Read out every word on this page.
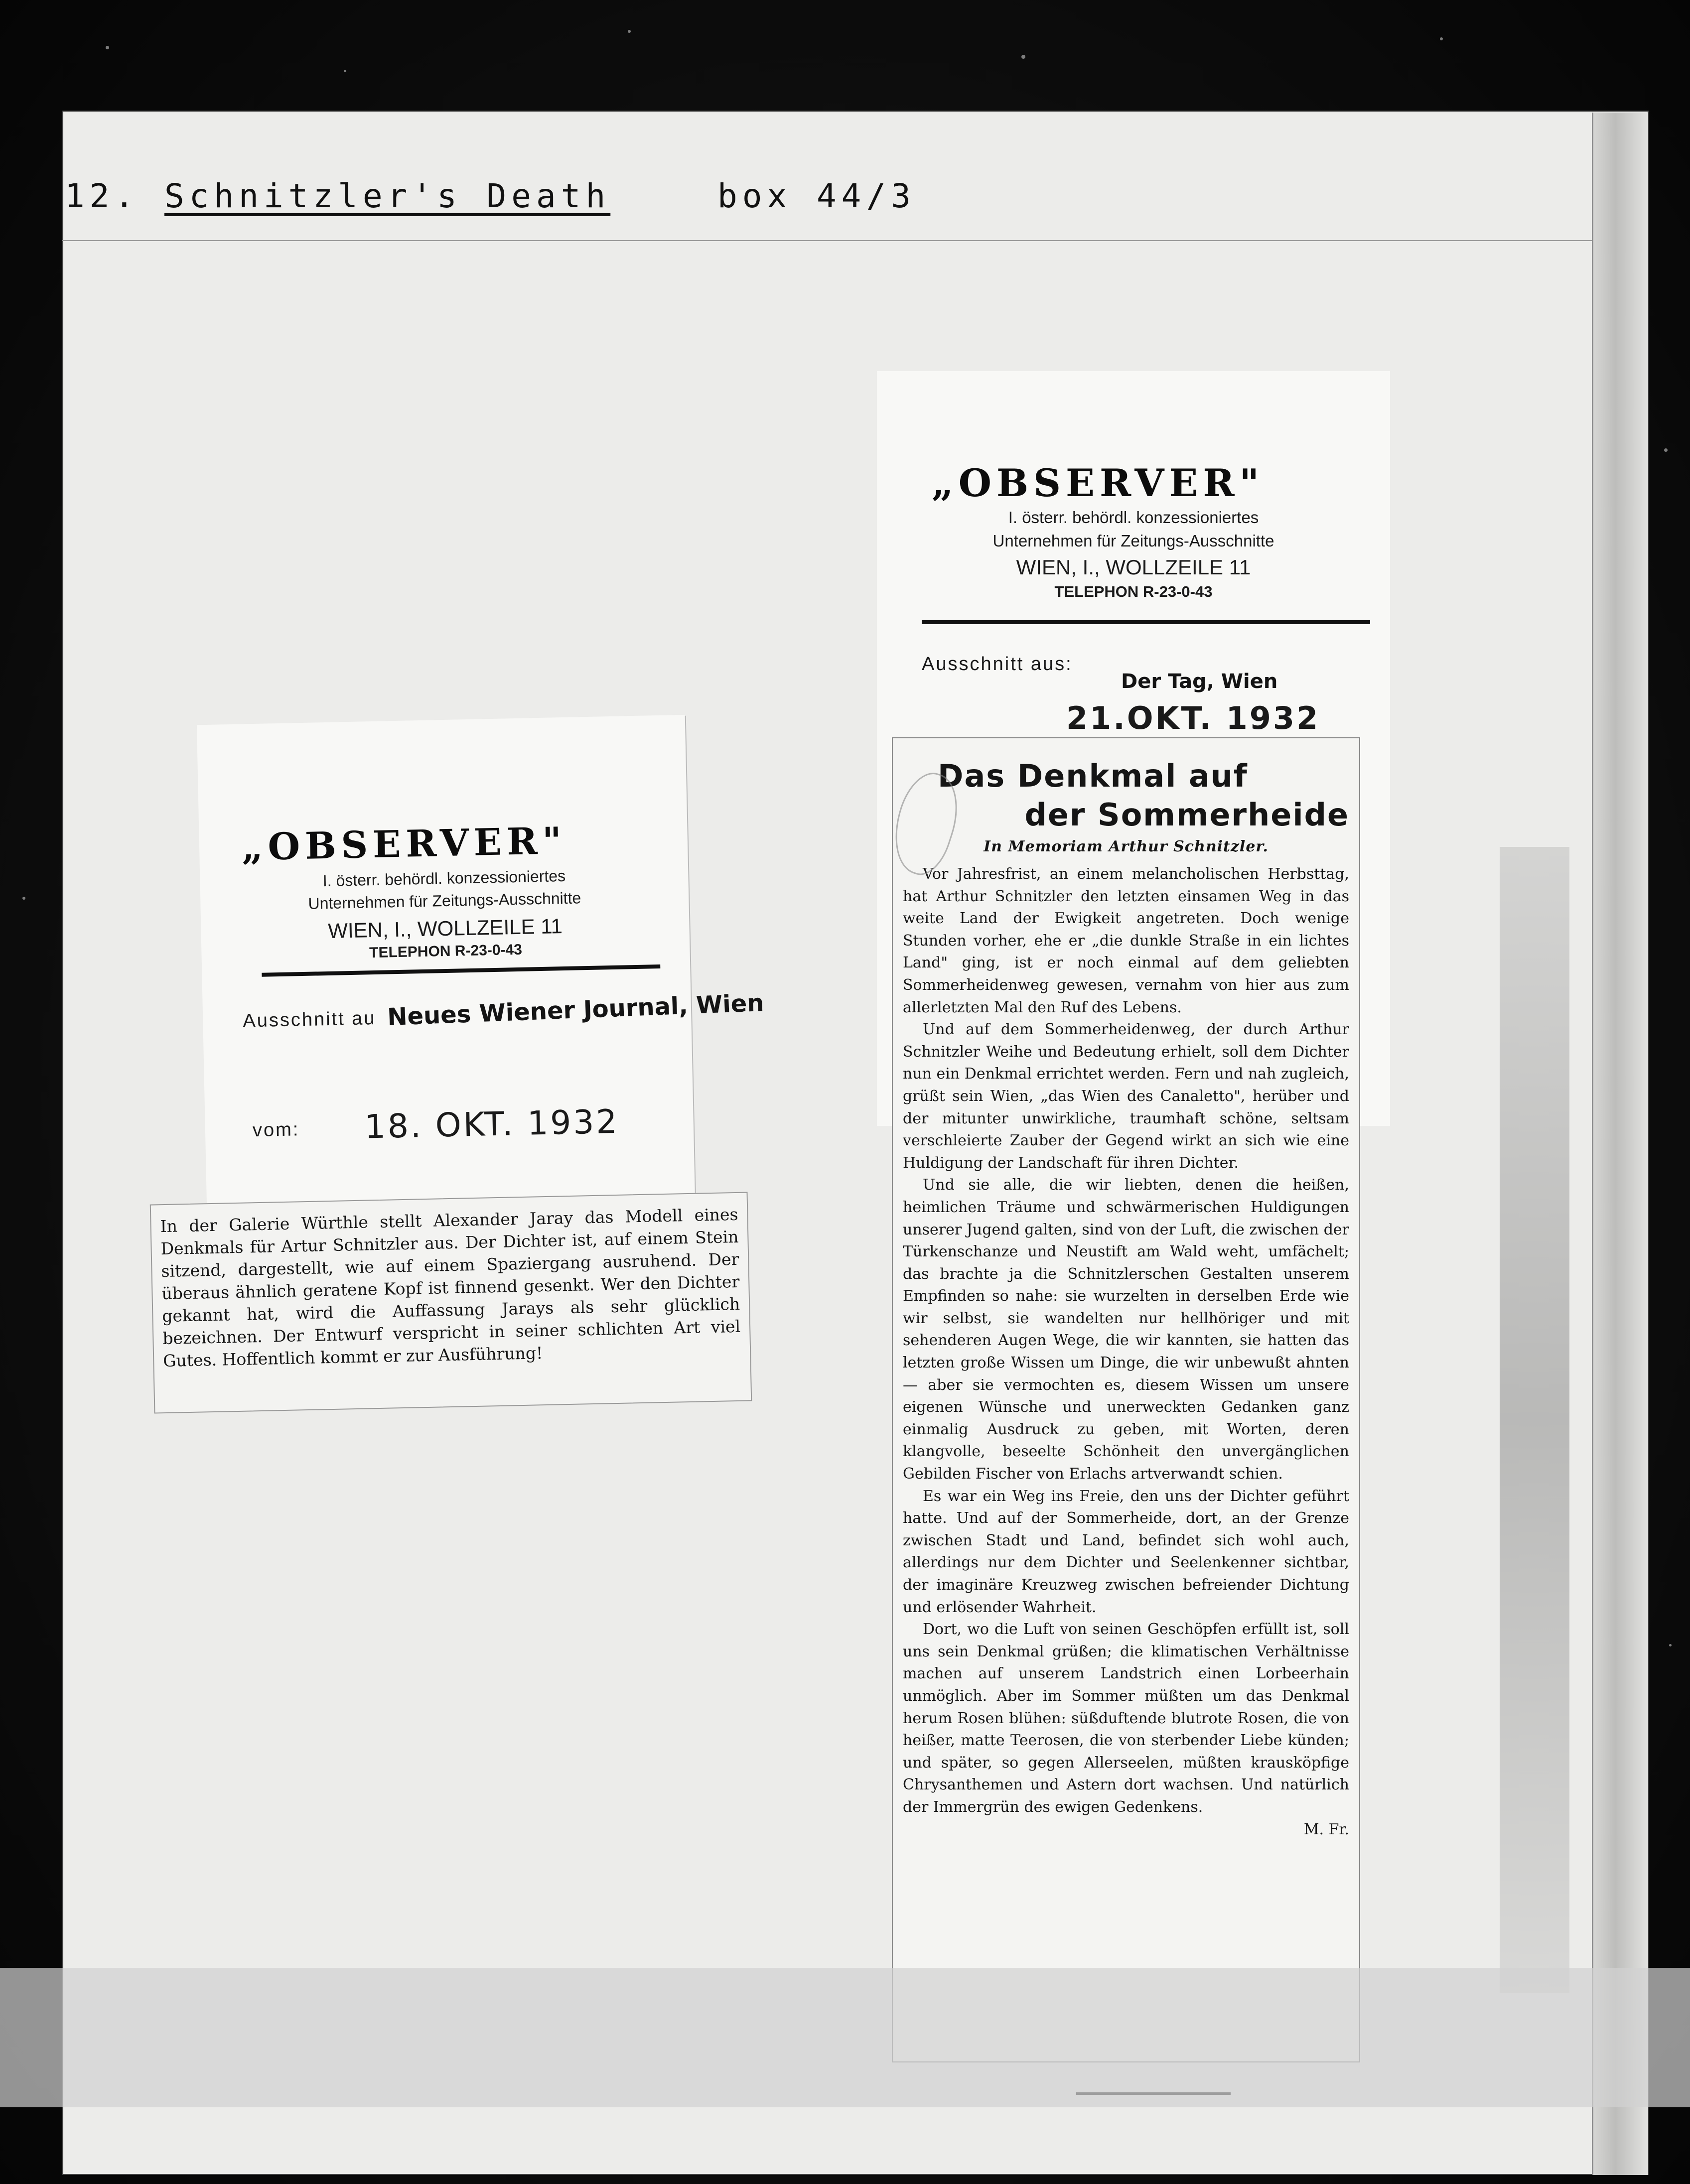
12. Schnitzler's Death	box 44/3
„OBSERVER"
I. österr. behördl. konzessioniertes
Unternehmen für Zeitungs-Ausschnitte
WIEN, I., WOLLZEILE 11
TELEPHON R-23-0-43
Ausschnitt au Neues Wiener Journal, Wien
vom: 18. OKT. 1932
In der Galerie Würthle stellt Alexander Jaray das Modell eines Denkmals für Artur Schnitzler aus. Der Dichter ist, auf einem Stein sitzend, dargestellt, wie auf einem Spaziergang ausruhend. Der überaus ähnlich geratene Kopf ist finnend gesenkt. Wer den Dichter gekannt hat, wird die Auffassung Jarays als sehr glücklich bezeichnen. Der Entwurf verspricht in seiner schlichten Art viel Gutes. Hoffentlich kommt er zur Ausführung!
„OBSERVER"
I. österr. behördl. konzessioniertes
Unternehmen für Zeitungs-Ausschnitte
WIEN, I., WOLLZEILE 11
TELEPHON R-23-0-43
Ausschnitt aus:
Der Tag, Wien
21.OKT. 1932
Das Denkmal auf
der Sommerheide
In Memoriam Arthur Schnitzler.

Vor Jahresfrist, an einem melancholischen Herbsttag, hat Arthur Schnitzler den letzten einsamen Weg in das weite Land der Ewigkeit angetreten. Doch wenige Stunden vorher, ehe er „die dunkle Straße in ein lichtes Land" ging, ist er noch einmal auf dem geliebten Sommerheidenweg gewesen, vernahm von hier aus zum allerletzten Mal den Ruf des Lebens.

Und auf dem Sommerheidenweg, der durch Arthur Schnitzler Weihe und Bedeutung erhielt, soll dem Dichter nun ein Denkmal errichtet werden. Fern und nah zugleich, grüßt sein Wien, „das Wien des Canaletto", herüber und der mitunter unwirkliche, traumhaft schöne, seltsam verschleierte Zauber der Gegend wirkt an sich wie eine Huldigung der Landschaft für ihren Dichter.

Und sie alle, die wir liebten, denen die heißen, heimlichen Träume und schwärmerischen Huldigungen unserer Jugend galten, sind von der Luft, die zwischen der Türkenschanze und Neustift am Wald weht, umfächelt; das brachte ja die Schnitzlerschen Gestalten unserem Empfinden so nahe: sie wurzelten in derselben Erde wie wir selbst, sie wandelten nur hellhöriger und mit sehenderen Augen Wege, die wir kannten, sie hatten das letzten große Wissen um Dinge, die wir unbewußt ahnten — aber sie vermochten es, diesem Wissen um unsere eigenen Wünsche und unerweckten Gedanken ganz einmalig Ausdruck zu geben, mit Worten, deren klangvolle, beseelte Schönheit den unvergänglichen Gebilden Fischer von Erlachs artverwandt schien.

Es war ein Weg ins Freie, den uns der Dichter geführt hatte. Und auf der Sommerheide, dort, an der Grenze zwischen Stadt und Land, befindet sich wohl auch, allerdings nur dem Dichter und Seelenkenner sichtbar, der imaginäre Kreuzweg zwischen befreiender Dichtung und erlösender Wahrheit.

Dort, wo die Luft von seinen Geschöpfen erfüllt ist, soll uns sein Denkmal grüßen; die klimatischen Verhältnisse machen auf unserem Landstrich einen Lorbeerhain unmöglich. Aber im Sommer müßten um das Denkmal herum Rosen blühen: süßduftende blutrote Rosen, die von heißer, matte Teerosen, die von sterbender Liebe künden; und später, so gegen Allerseelen, müßten krausköpfige Chrysanthemen und Astern dort wachsen. Und natürlich der Immergrün des ewigen Gedenkens.

M. Fr.
